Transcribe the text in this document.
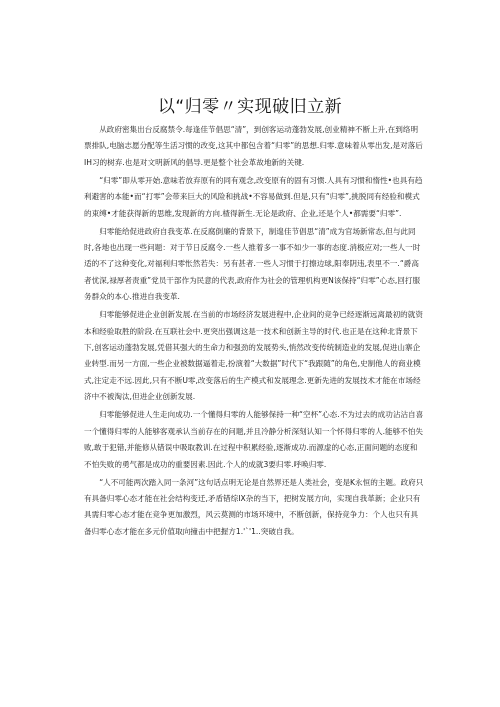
以“归零〃实现破旧立新

从政府密集出台反腐禁令.每逢佳节倡思“清”，到创客运动蓬勃发展,创业精神不断上升,在到络明票排队,电脑志愿分配等生活习惯的改变,这其中都包含着“归零”的思想.归零.意味着从零出发,是对落后IH习的树弃.也是对文明新风的倡导.更是整个社会革故地新的关键.

“归零”即从零开始.意味若放弃原有的同有观念,改变原有的固有习惯.人具有习惯和惰性•也具有趋利避害的本能•而“打零”会带来巨大的风险和挑战•不容易做到.但是,只有“归零”,挑脱同有经验和模式的束缚•才能获得新的思维,发现新的方向.楂得新生.无论是政府、企业,还是个人•都需要“归零”.

归零能给促进政府自我变革.在反腐倒廉的背景下，制遑佳节倡思“清”成为官场新常态,但与此同时,各地也出现一些问题：对于节日反腐令.一些人推着多一事不如少一事的态度.消极应对;一些人一时适的不了这种变化,对福利归零怅然若失：另有甚者.一些人习惯于打擦边球,阳奉阴违,表里不一.“爵高者忧深,禄厚者责重”党员干部作为民意的代表,政府作为社会的管理机构更N该保持“归零”心态,回打服务群众的本心.推进自我变革.

归零能够促进企业创新发展.在当前的市场经济发展进程中,企业间的竞争已经逐渐远离最初的就资本和经验取胜的阶段.在互联社会中.更突出强调这是一技术和创新主导的时代.也正是在这种北背景下下,创客运动蓬勃发展,凭借其强大的生命力和强劲的发展势头,悄然改变传统制造业的发展,促进山寨企业转型.而另一方面,一些企业被数据逼着走,扮演着“大数据”时代下“我跟随”的角色,史制他人的商业模式,注定走不远.因此,只有不断U零,改变落后的生产模式和发展理念.更新先进的发展技术才能在市场经济中不被淘汰,但进企业创新发展.

归零能够促进人生走向成功.一个懂得归零的人能够保持一种“空杯”心态.不为过去的成功沾沾自喜一个懂得归零的人能够客观承认当前存在的问题,并且冷静分析深刻认知一个怀得归零的人.能够不怕失败,敢于犯错,并能修从错误中吸取教训.在过程中积累经验,逐渐成功.而源虚的心态,正面问题的态度和不怕失败的勇气都是成功的重要因素.因此.个人的成就3要归零.呼唤归零.

“人不可能两次踏入同一条河”这句话点明无论是自然界还是人类社会，变是K永恒的主题。政府只有具备归零心态才能在社会结构变迁,矛盾错综IX杂的当下，把树发展方向，实现自我革新；企业只有具需归零心态才能在竞争更加激烈，风云莫测的市场环境中，不断创新，保持竞争力：个人也只有具备归零心态才能在多元价值取向撞击中把握方1.'`'1..突破自我。
